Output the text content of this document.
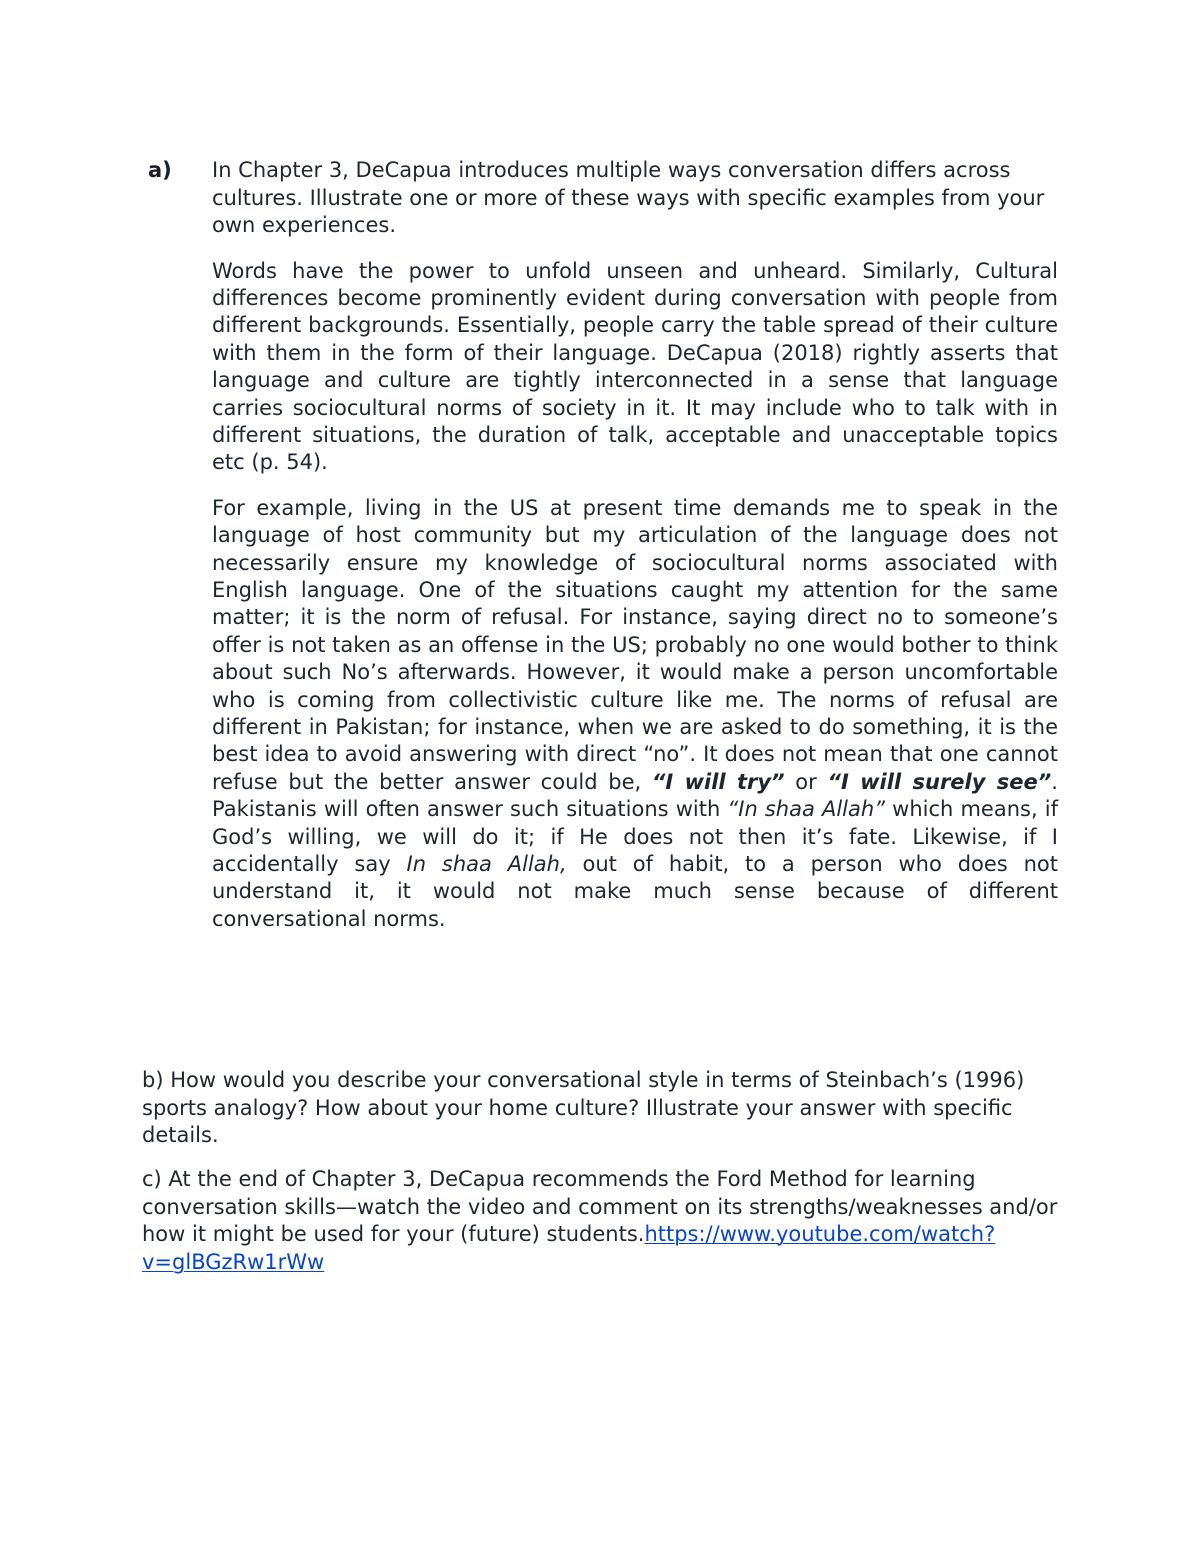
a) In Chapter 3, DeCapua introduces multiple ways conversation differs across cultures. Illustrate one or more of these ways with specific examples from your own experiences.

Words have the power to unfold unseen and unheard. Similarly, Cultural differences become prominently evident during conversation with people from different backgrounds. Essentially, people carry the table spread of their culture with them in the form of their language. DeCapua (2018) rightly asserts that language and culture are tightly interconnected in a sense that language carries sociocultural norms of society in it. It may include who to talk with in different situations, the duration of talk, acceptable and unacceptable topics etc (p. 54).

For example, living in the US at present time demands me to speak in the language of host community but my articulation of the language does not necessarily ensure my knowledge of sociocultural norms associated with English language. One of the situations caught my attention for the same matter; it is the norm of refusal. For instance, saying direct no to someone’s offer is not taken as an offense in the US; probably no one would bother to think about such No’s afterwards. However, it would make a person uncomfortable who is coming from collectivistic culture like me. The norms of refusal are different in Pakistan; for instance, when we are asked to do something, it is the best idea to avoid answering with direct “no”. It does not mean that one cannot refuse but the better answer could be, “I will try” or “I will surely see”. Pakistanis will often answer such situations with “In shaa Allah” which means, if God’s willing, we will do it; if He does not then it’s fate. Likewise, if I accidentally say In shaa Allah, out of habit, to a person who does not understand it, it would not make much sense because of different conversational norms.

b) How would you describe your conversational style in terms of Steinbach’s (1996) sports analogy? How about your home culture? Illustrate your answer with specific details.
c) At the end of Chapter 3, DeCapua recommends the Ford Method for learning conversation skills—watch the video and comment on its strengths/weaknesses and/or how it might be used for your (future) students.https://www.youtube.com/watch?v=glBGzRw1rWw
